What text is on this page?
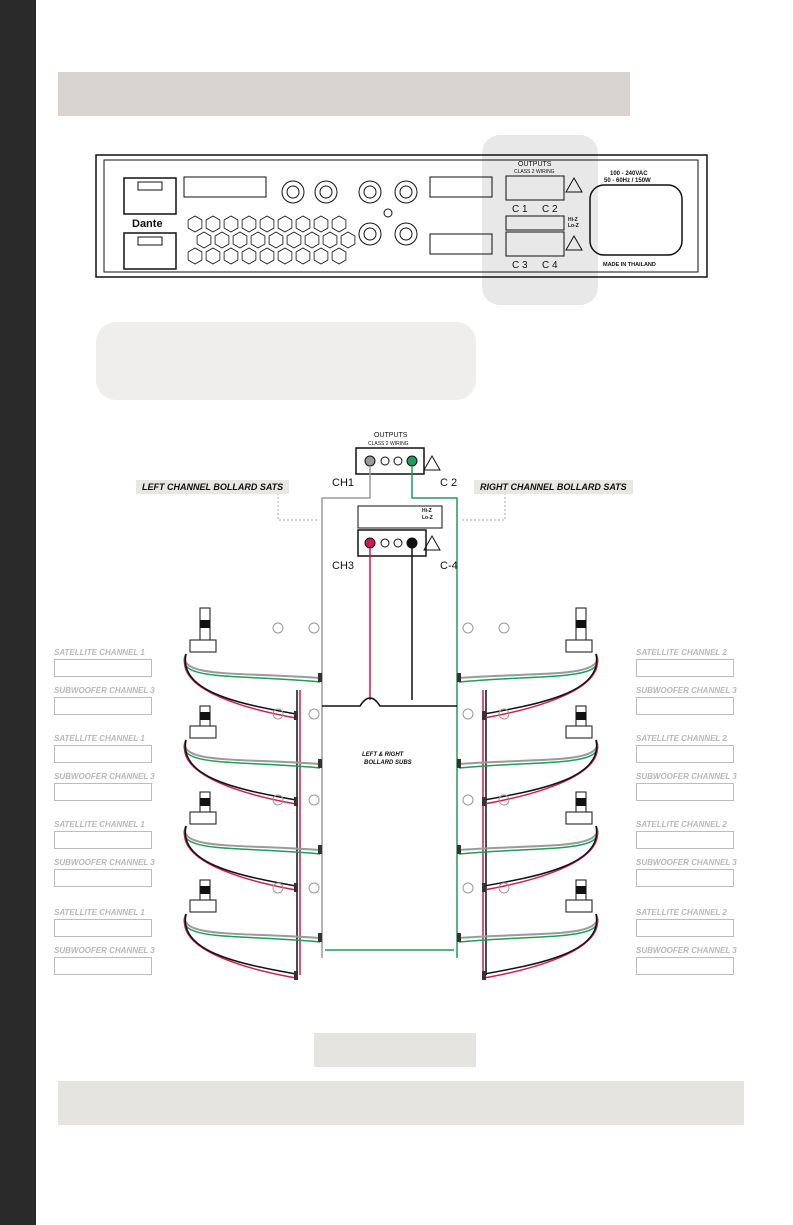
Dante
OUTPUTS
CLASS 2 WIRING
C 1 C 2
C 3 C 4
Hi-Z
Lo-Z
100 - 240VAC
50 - 60Hz / 150W
MADE IN THAILAND
OUTPUTS
CLASS 2 WIRING
CH1	C 2
CH3	C-4
Hi-Z
Lo-Z
LEFT CHANNEL BOLLARD SATS	RIGHT CHANNEL BOLLARD SATS
LEFT & RIGHT
BOLLARD SUBS
SATELLITE CHANNEL 1
SUBWOOFER CHANNEL 3
SATELLITE CHANNEL 1
SUBWOOFER CHANNEL 3
SATELLITE CHANNEL 1
SUBWOOFER CHANNEL 3
SATELLITE CHANNEL 1
SUBWOOFER CHANNEL 3
SATELLITE CHANNEL 2
SUBWOOFER CHANNEL 3
SATELLITE CHANNEL 2
SUBWOOFER CHANNEL 3
SATELLITE CHANNEL 2
SUBWOOFER CHANNEL 3
SATELLITE CHANNEL 2
SUBWOOFER CHANNEL 3
